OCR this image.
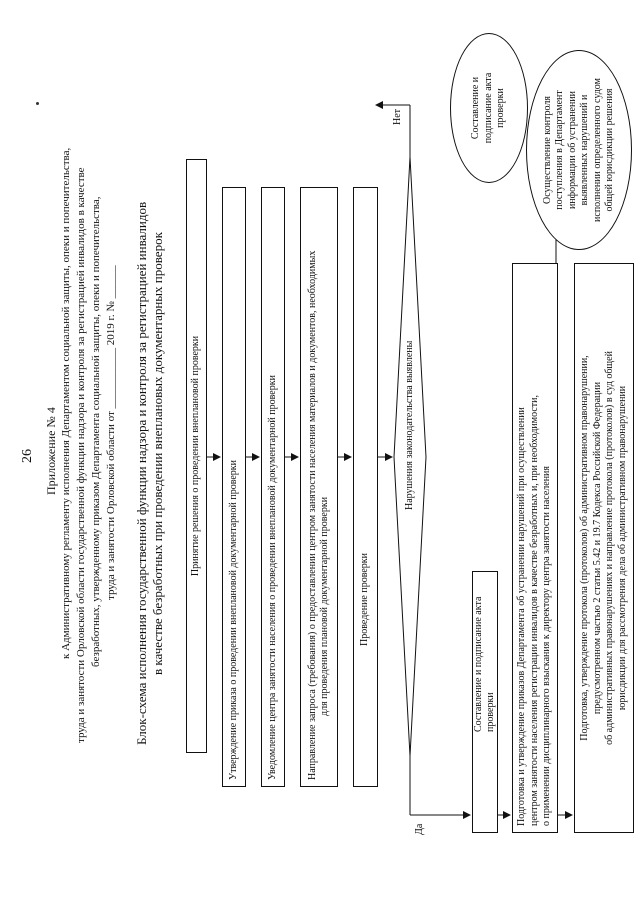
26 Приложение № 4 к Административному регламенту исполнения Департаментом социальной защиты, опеки и попечительства, труда и занятости Орловской области государственной функции надзора и контроля за регистрацией инвалидов в качестве безработных, утвержденному приказом Департамента социальной защиты, опеки и попечительства, труда и занятости Орловской области от ___________ 2019 г. № ______ Блок-схема исполнения государственной функции надзора и контроля за регистрацией инвалидов в качестве безработных при проведении внеплановых документарных проверок	Принятие решения о проведении внеплановой проверки
Утверждение приказа о проведении внеплановой документарной проверки	Уведомление центра занятости населения о проведении внеплановой документарной проверки	Направление запроса (требования) о предоставлении центром занятости населения материалов и документов, необходимых для проведения плановой документарной проверки	Проведение проверки
Нарушения законодательства выявлены
Да
Нет
Составление и подписание акта проверки Подготовка и утверждение приказов Департамента об устранении нарушений при осуществлении центром занятости населения регистрации инвалидов в качестве безработных и, при необходимости, о применении дисциплинарного взыскания к директору центра занятости населения	Подготовка, утверждение протокола (протоколов) об административном правонарушении, предусмотренном частью 2 статьи 5.42 и 19.7 Кодекса Российской Федерации об административных правонарушениях и направление протокола (протоколов) в суд общей юрисдикции для рассмотрения дела об административном правонарушении
Составление и подписание акта проверки	Осуществление контроля поступления в Департамент информации об устранении выявленных нарушений и исполнении определенного судом общей юрисдикции решения
